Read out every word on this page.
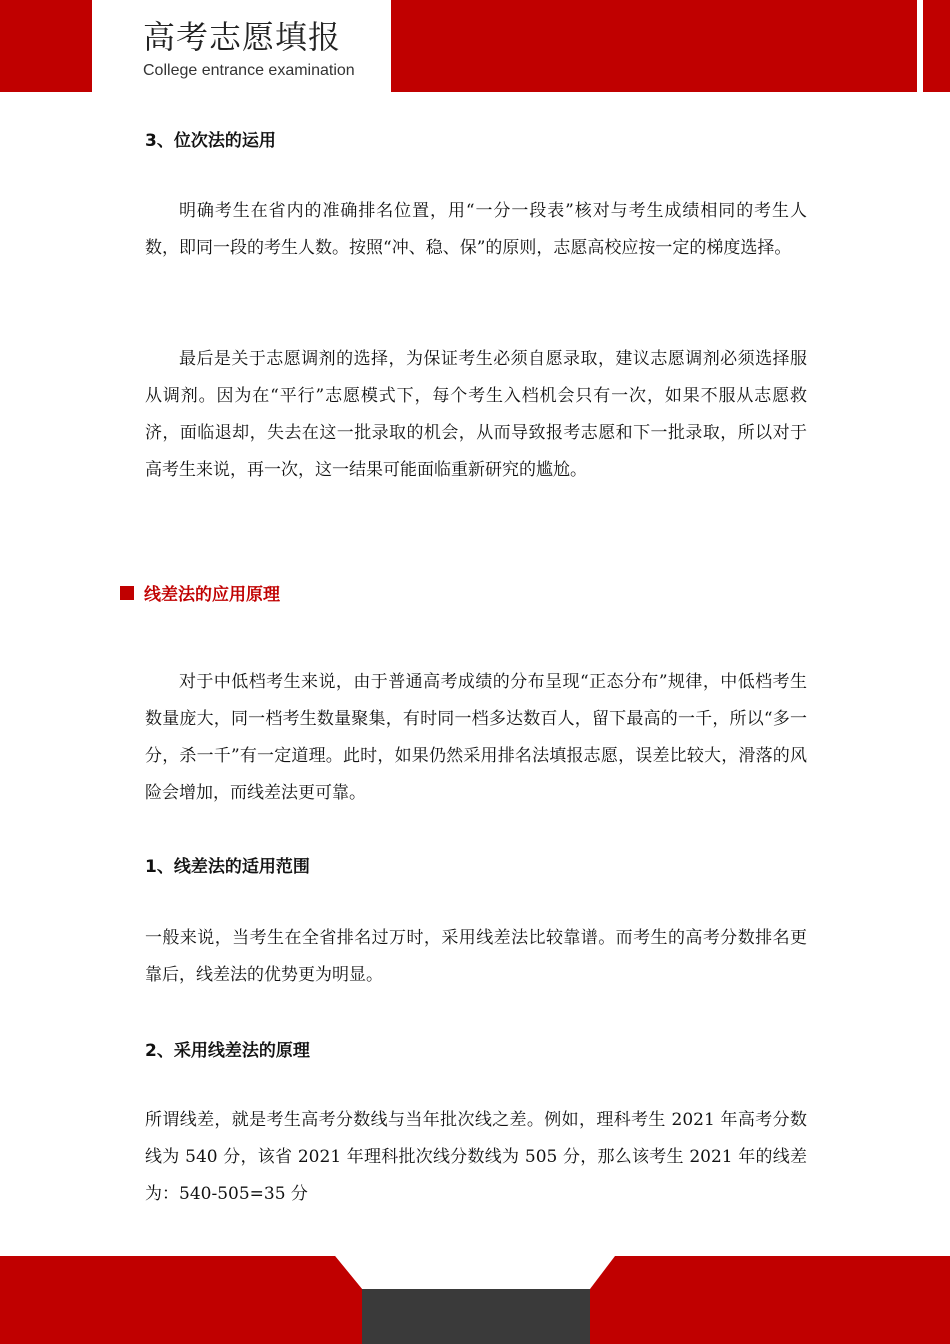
高考志愿填报
College entrance examination
3、位次法的运用
明确考生在省内的准确排名位置，用“一分一段表”核对与考生成绩相同的考生人数，即同一段的考生人数。按照“冲、稳、保”的原则，志愿高校应按一定的梯度选择。
最后是关于志愿调剂的选择，为保证考生必须自愿录取，建议志愿调剂必须选择服从调剂。因为在“平行”志愿模式下，每个考生入档机会只有一次，如果不服从志愿救济，面临退却，失去在这一批录取的机会，从而导致报考志愿和下一批录取，所以对于高考生来说，再一次，这一结果可能面临重新研究的尴尬。
线差法的应用原理
对于中低档考生来说，由于普通高考成绩的分布呈现“正态分布”规律，中低档考生数量庞大，同一档考生数量聚集，有时同一档多达数百人，留下最高的一千，所以“多一分，杀一千”有一定道理。此时，如果仍然采用排名法填报志愿，误差比较大，滑落的风险会增加，而线差法更可靠。
1、线差法的适用范围
一般来说，当考生在全省排名过万时，采用线差法比较靠谱。而考生的高考分数排名更靠后，线差法的优势更为明显。
2、采用线差法的原理
所谓线差，就是考生高考分数线与当年批次线之差。例如，理科考生 2021 年高考分数线为 540 分，该省 2021 年理科批次线分数线为 505 分，那么该考生 2021 年的线差为：540-505=35 分
